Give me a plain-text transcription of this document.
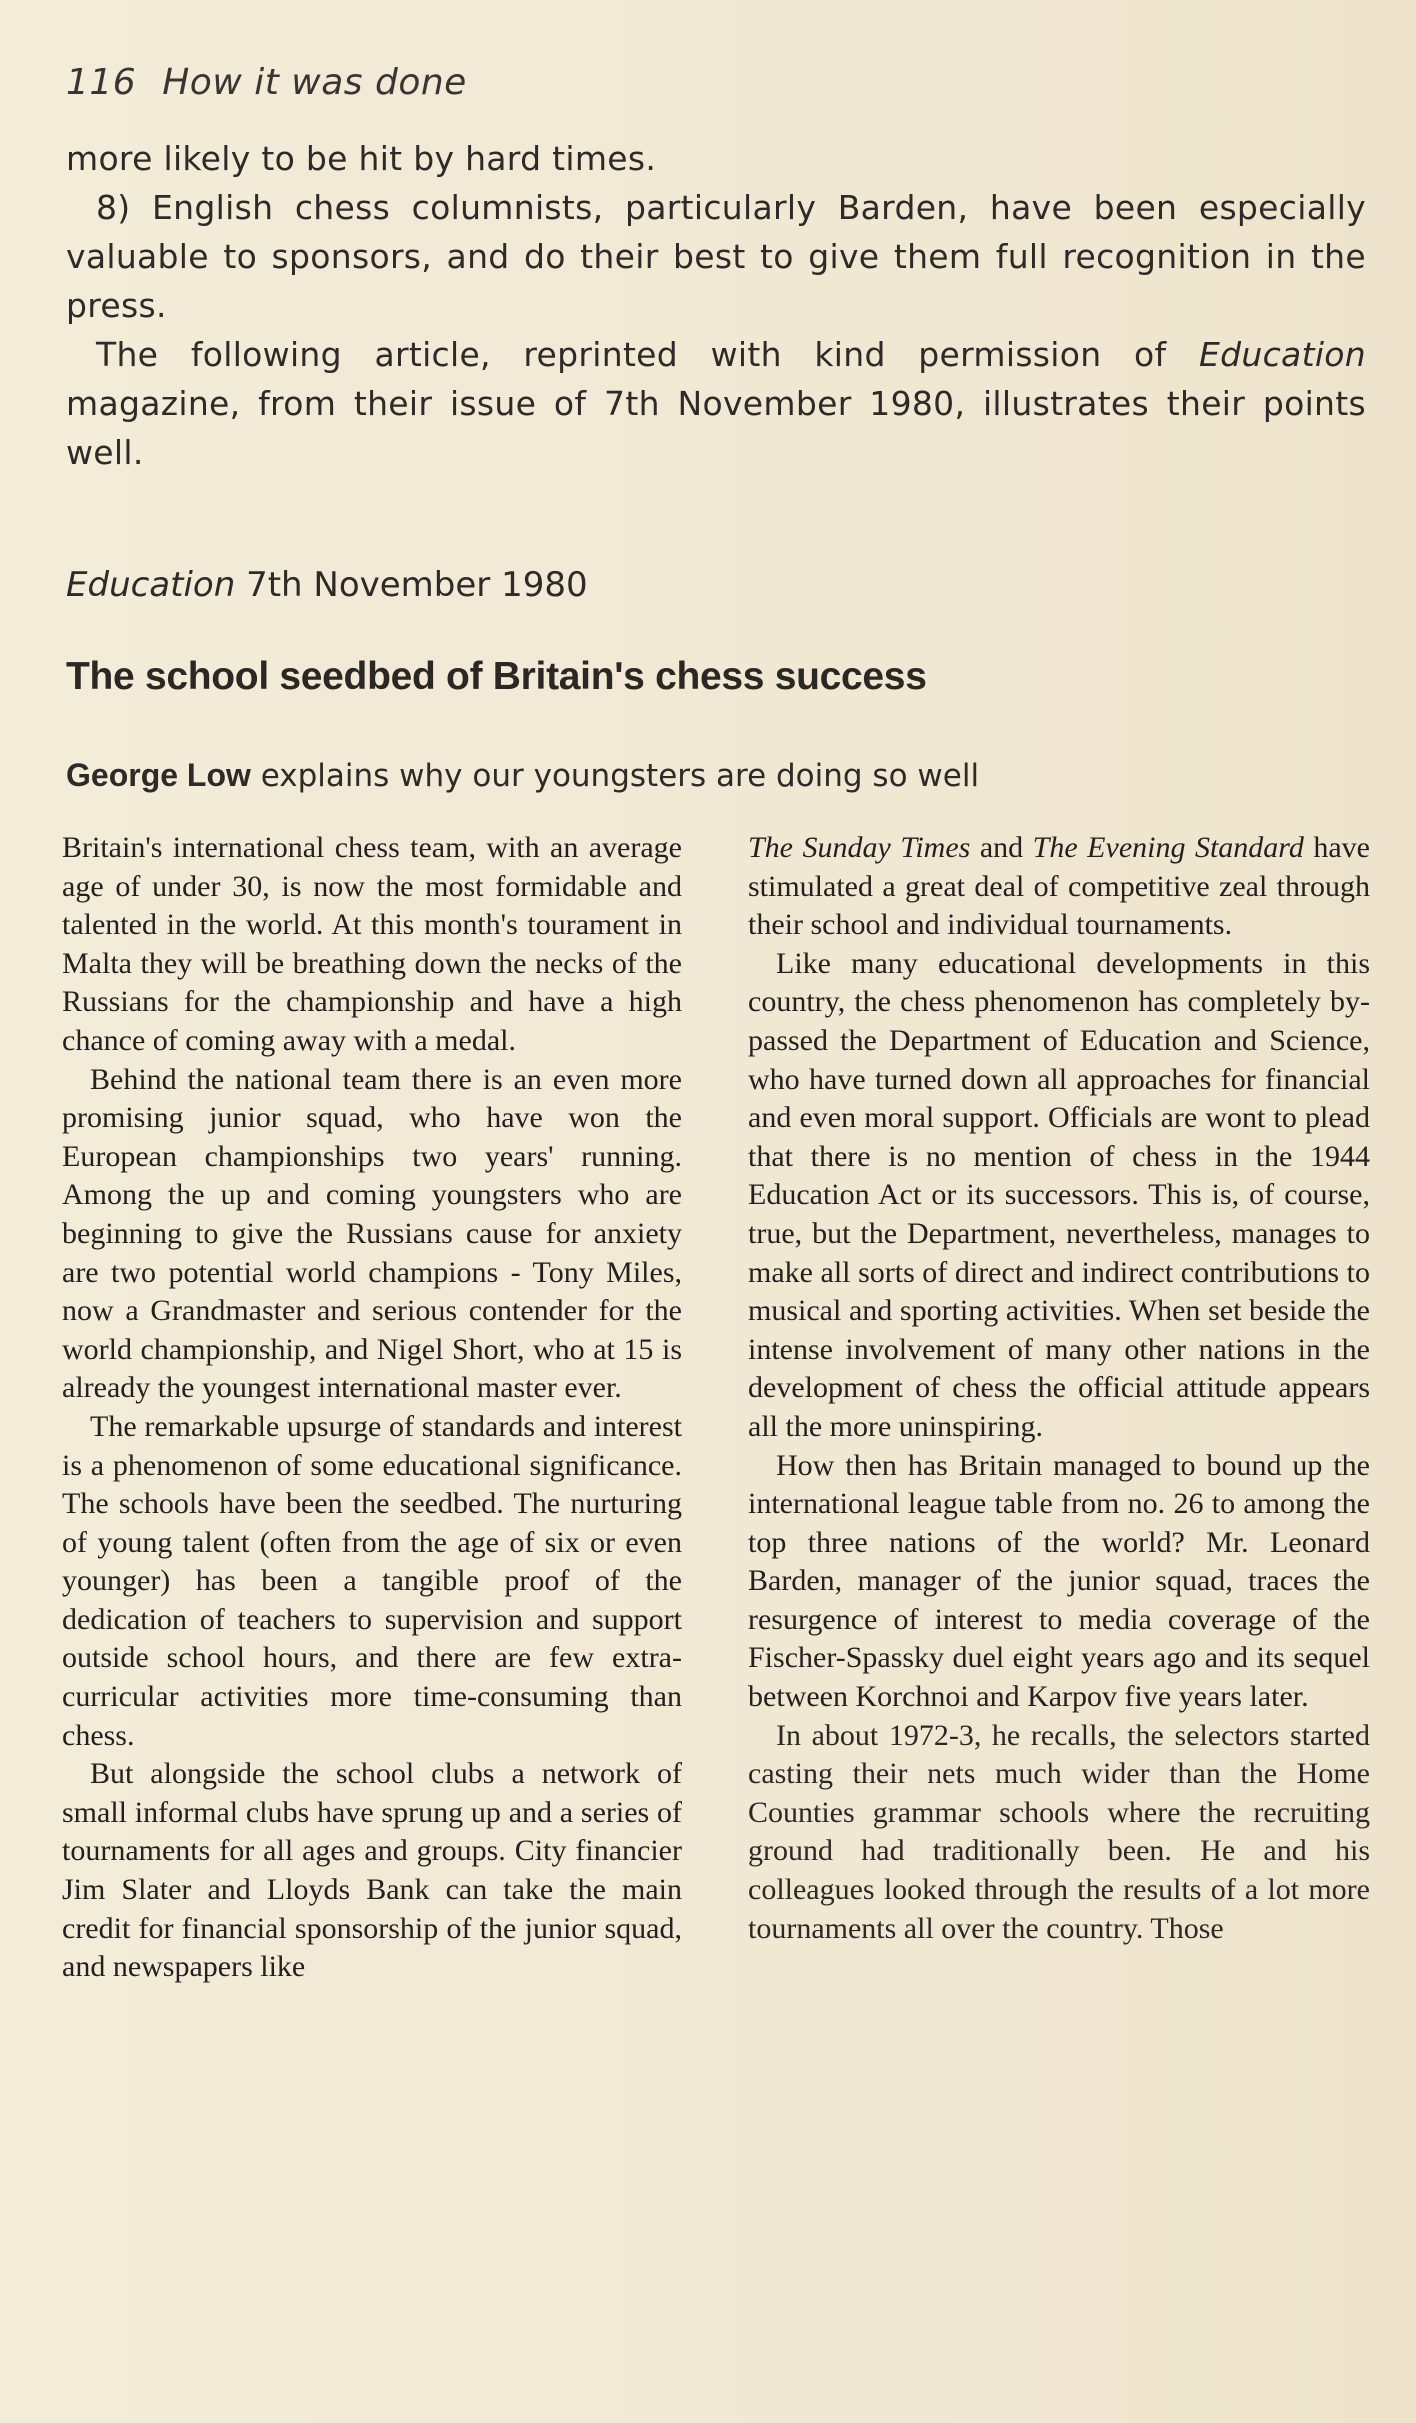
116 How it was done

more likely to be hit by hard times.

8) English chess columnists, particularly Barden, have been especially valuable to sponsors, and do their best to give them full recognition in the press.

The following article, reprinted with kind permission of Education magazine, from their issue of 7th November 1980, illustrates their points well.

Education 7th November 1980
The school seedbed of Britain's chess success
George Low explains why our youngsters are doing so well

Britain's international chess team, with an average age of under 30, is now the most formidable and talented in the world. At this month's tourament in Malta they will be breathing down the necks of the Russians for the championship and have a high chance of coming away with a medal.

Behind the national team there is an even more promising junior squad, who have won the European championships two years' running. Among the up and coming youngsters who are beginning to give the Russians cause for anxiety are two potential world champions - Tony Miles, now a Grandmaster and serious contender for the world championship, and Nigel Short, who at 15 is already the youngest international master ever.

The remarkable upsurge of standards and interest is a phenomenon of some educational significance. The schools have been the seedbed. The nurturing of young talent (often from the age of six or even younger) has been a tangible proof of the dedication of teachers to supervision and support outside school hours, and there are few extra-curricular activities more time-consuming than chess.

But alongside the school clubs a network of small informal clubs have sprung up and a series of tournaments for all ages and groups. City financier Jim Slater and Lloyds Bank can take the main credit for financial sponsorship of the junior squad, and newspapers like

The Sunday Times and The Evening Standard have stimulated a great deal of competitive zeal through their school and individual tournaments.

Like many educational developments in this country, the chess phenomenon has completely by-passed the Department of Education and Science, who have turned down all approaches for financial and even moral support. Officials are wont to plead that there is no mention of chess in the 1944 Education Act or its successors. This is, of course, true, but the Department, nevertheless, manages to make all sorts of direct and indirect contributions to musical and sporting activities. When set beside the intense involvement of many other nations in the development of chess the official attitude appears all the more uninspiring.

How then has Britain managed to bound up the international league table from no. 26 to among the top three nations of the world? Mr. Leonard Barden, manager of the junior squad, traces the resurgence of interest to media coverage of the Fischer-Spassky duel eight years ago and its sequel between Korchnoi and Karpov five years later.

In about 1972-3, he recalls, the selectors started casting their nets much wider than the Home Counties grammar schools where the recruiting ground had traditionally been. He and his colleagues looked through the results of a lot more tournaments all over the country. Those
